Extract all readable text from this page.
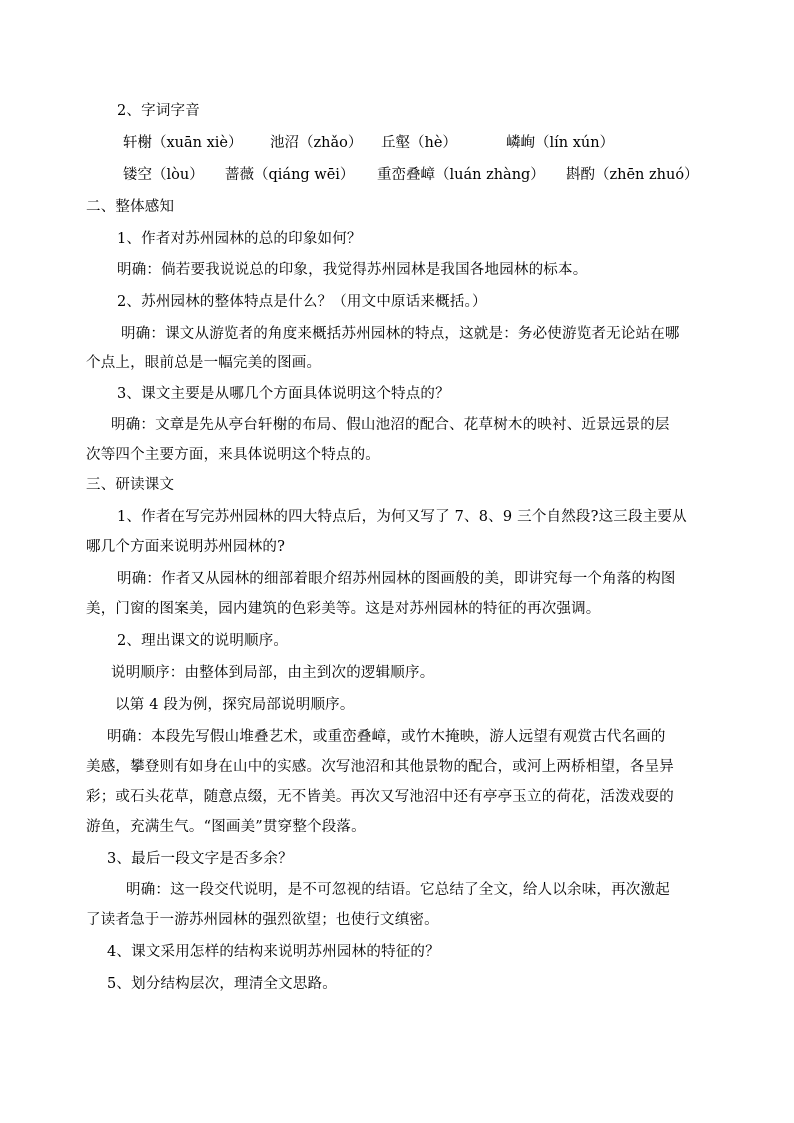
2、字词字音
轩榭（xuān xiè） 池沼（zhǎo） 丘壑（hè）	嶙峋（lín xún）
镂空（lòu） 蔷薇（qiáng wēi） 重峦叠嶂（luán zhàng） 斟酌（zhēn zhuó）
二、整体感知
1、作者对苏州园林的总的印象如何？
明确：倘若要我说说总的印象，我觉得苏州园林是我国各地园林的标本。
2、苏州园林的整体特点是什么？（用文中原话来概括。）
明确：课文从游览者的角度来概括苏州园林的特点，这就是：务必使游览者无论站在哪
个点上，眼前总是一幅完美的图画。
3、课文主要是从哪几个方面具体说明这个特点的？
明确：文章是先从亭台轩榭的布局、假山池沼的配合、花草树木的映衬、近景远景的层
次等四个主要方面，来具体说明这个特点的。
三、研读课文
1、作者在写完苏州园林的四大特点后，为何又写了 7、8、9 三个自然段?这三段主要从
哪几个方面来说明苏州园林的?
明确：作者又从园林的细部着眼介绍苏州园林的图画般的美，即讲究每一个角落的构图
美，门窗的图案美，园内建筑的色彩美等。这是对苏州园林的特征的再次强调。
2、理出课文的说明顺序。
说明顺序：由整体到局部，由主到次的逻辑顺序。
以第 4 段为例，探究局部说明顺序。
明确：本段先写假山堆叠艺术，或重峦叠嶂，或竹木掩映，游人远望有观赏古代名画的
美感，攀登则有如身在山中的实感。次写池沼和其他景物的配合，或河上两桥相望，各呈异
彩；或石头花草，随意点缀，无不皆美。再次又写池沼中还有亭亭玉立的荷花，活泼戏耍的
游鱼，充满生气。“图画美”贯穿整个段落。
3、最后一段文字是否多余？
明确：这一段交代说明，是不可忽视的结语。它总结了全文，给人以余味，再次激起
了读者急于一游苏州园林的强烈欲望；也使行文缜密。
4、课文采用怎样的结构来说明苏州园林的特征的？
5、划分结构层次，理清全文思路。
